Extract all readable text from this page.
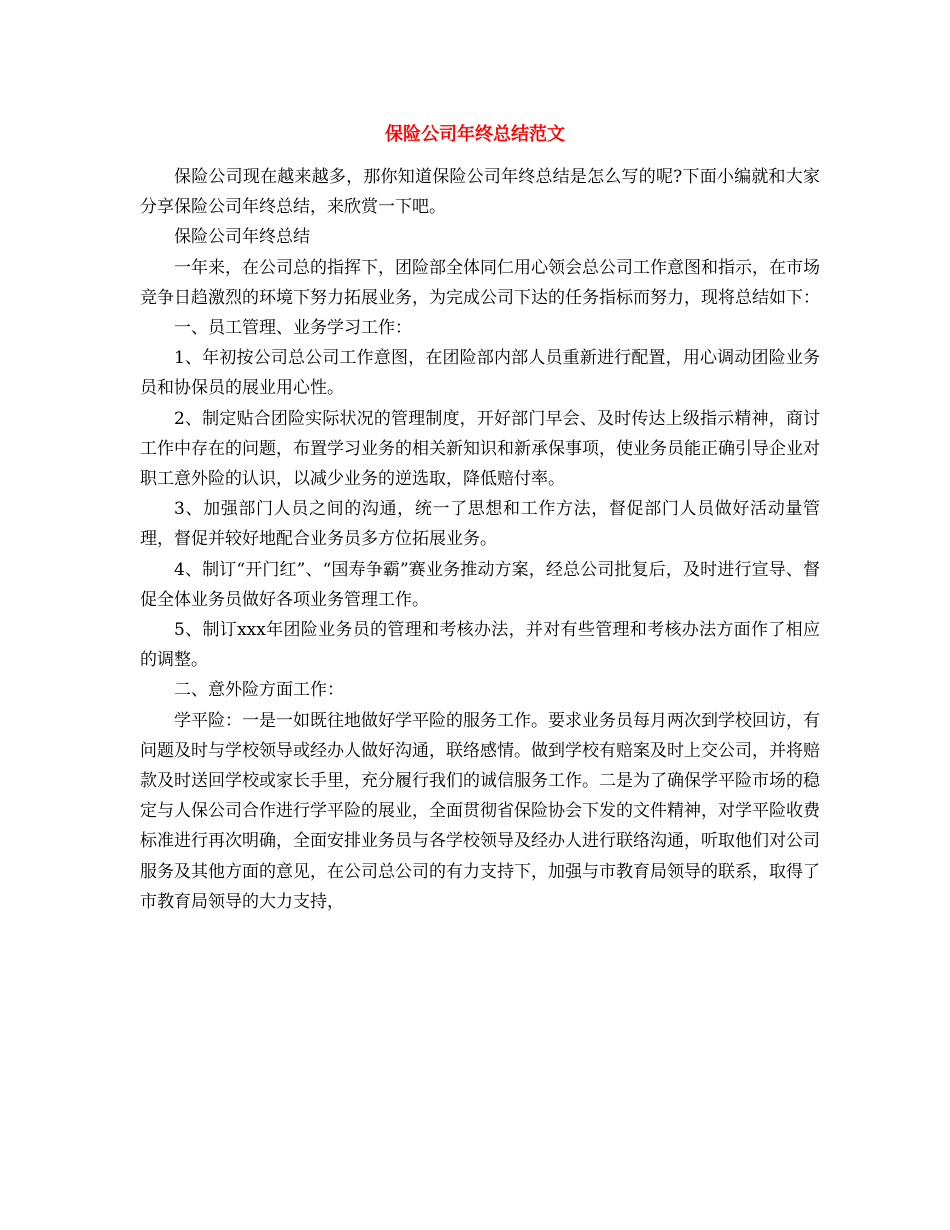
保险公司年终总结范文

保险公司现在越来越多，那你知道保险公司年终总结是怎么写的呢?下面小编就和大家分享保险公司年终总结，来欣赏一下吧。

保险公司年终总结

一年来，在公司总的指挥下，团险部全体同仁用心领会总公司工作意图和指示，在市场竞争日趋激烈的环境下努力拓展业务，为完成公司下达的任务指标而努力，现将总结如下：

一、员工管理、业务学习工作：

1、年初按公司总公司工作意图，在团险部内部人员重新进行配置，用心调动团险业务员和协保员的展业用心性。

2、制定贴合团险实际状况的管理制度，开好部门早会、及时传达上级指示精神，商讨工作中存在的问题，布置学习业务的相关新知识和新承保事项，使业务员能正确引导企业对职工意外险的认识，以减少业务的逆选取，降低赔付率。

3、加强部门人员之间的沟通，统一了思想和工作方法，督促部门人员做好活动量管理，督促并较好地配合业务员多方位拓展业务。

4、制订“开门红”、“国寿争霸”赛业务推动方案，经总公司批复后，及时进行宣导、督促全体业务员做好各项业务管理工作。

5、制订xxx年团险业务员的管理和考核办法，并对有些管理和考核办法方面作了相应的调整。

二、意外险方面工作：

学平险：一是一如既往地做好学平险的服务工作。要求业务员每月两次到学校回访，有问题及时与学校领导或经办人做好沟通，联络感情。做到学校有赔案及时上交公司，并将赔款及时送回学校或家长手里，充分履行我们的诚信服务工作。二是为了确保学平险市场的稳定与人保公司合作进行学平险的展业，全面贯彻省保险协会下发的文件精神，对学平险收费标准进行再次明确，全面安排业务员与各学校领导及经办人进行联络沟通，听取他们对公司服务及其他方面的意见，在公司总公司的有力支持下，加强与市教育局领导的联系，取得了市教育局领导的大力支持，
